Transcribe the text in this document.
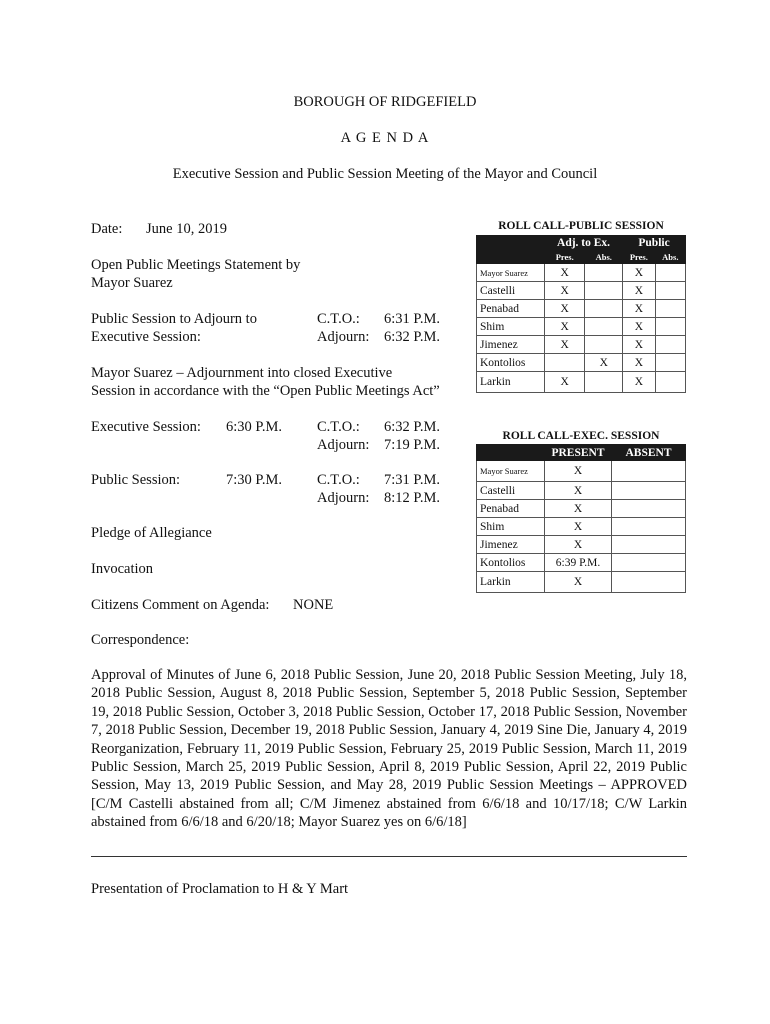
BOROUGH OF RIDGEFIELD
A G E N D A
Executive Session and Public Session Meeting of the Mayor and Council
Date: June 10, 2019
Open Public Meetings Statement by
Mayor Suarez
Public Session to Adjourn to
Executive Session:
C.T.O.: 6:31 P.M.
Adjourn: 6:32 P.M.
Mayor Suarez – Adjournment into closed Executive
Session in accordance with the “Open Public Meetings Act”
Executive Session: 6:30 P.M. C.T.O.: 6:32 P.M.
Adjourn: 7:19 P.M.
Public Session:	7:30 P.M. C.T.O.: 7:31 P.M.
Adjourn: 8:12 P.M.
Pledge of Allegiance
Invocation
Citizens Comment on Agenda: NONE
Correspondence:
Approval of Minutes of June 6, 2018 Public Session, June 20, 2018 Public Session Meeting, July 18, 2018 Public Session, August 8, 2018 Public Session, September 5, 2018 Public Session, September 19, 2018 Public Session, October 3, 2018 Public Session, October 17, 2018 Public Session, November 7, 2018 Public Session, December 19, 2018 Public Session, January 4, 2019 Sine Die, January 4, 2019 Reorganization, February 11, 2019 Public Session, February 25, 2019 Public Session, March 11, 2019 Public Session, March 25, 2019 Public Session, April 8, 2019 Public Session, April 22, 2019 Public Session, May 13, 2019 Public Session, and May 28, 2019 Public Session Meetings – APPROVED [C/M Castelli abstained from all; C/M Jimenez abstained from 6/6/18 and 10/17/18; C/W Larkin abstained from 6/6/18 and 6/20/18; Mayor Suarez yes on 6/6/18]
Presentation of Proclamation to H & Y Mart
ROLL CALL-PUBLIC SESSION
	Adj. to Ex.		Public	
	Pres.	Abs.	Pres.	Abs.
Mayor Suarez	X		X	
Castelli	X		X	
Penabad	X		X	
Shim	X		X	
Jimenez	X		X	
Kontolios		X	X	
Larkin	X		X	
ROLL CALL-EXEC. SESSION
	PRESENT	ABSENT
Mayor Suarez	X	
Castelli	X	
Penabad	X	
Shim	X	
Jimenez	X	
Kontolios	6:39 P.M.	
Larkin	X	
